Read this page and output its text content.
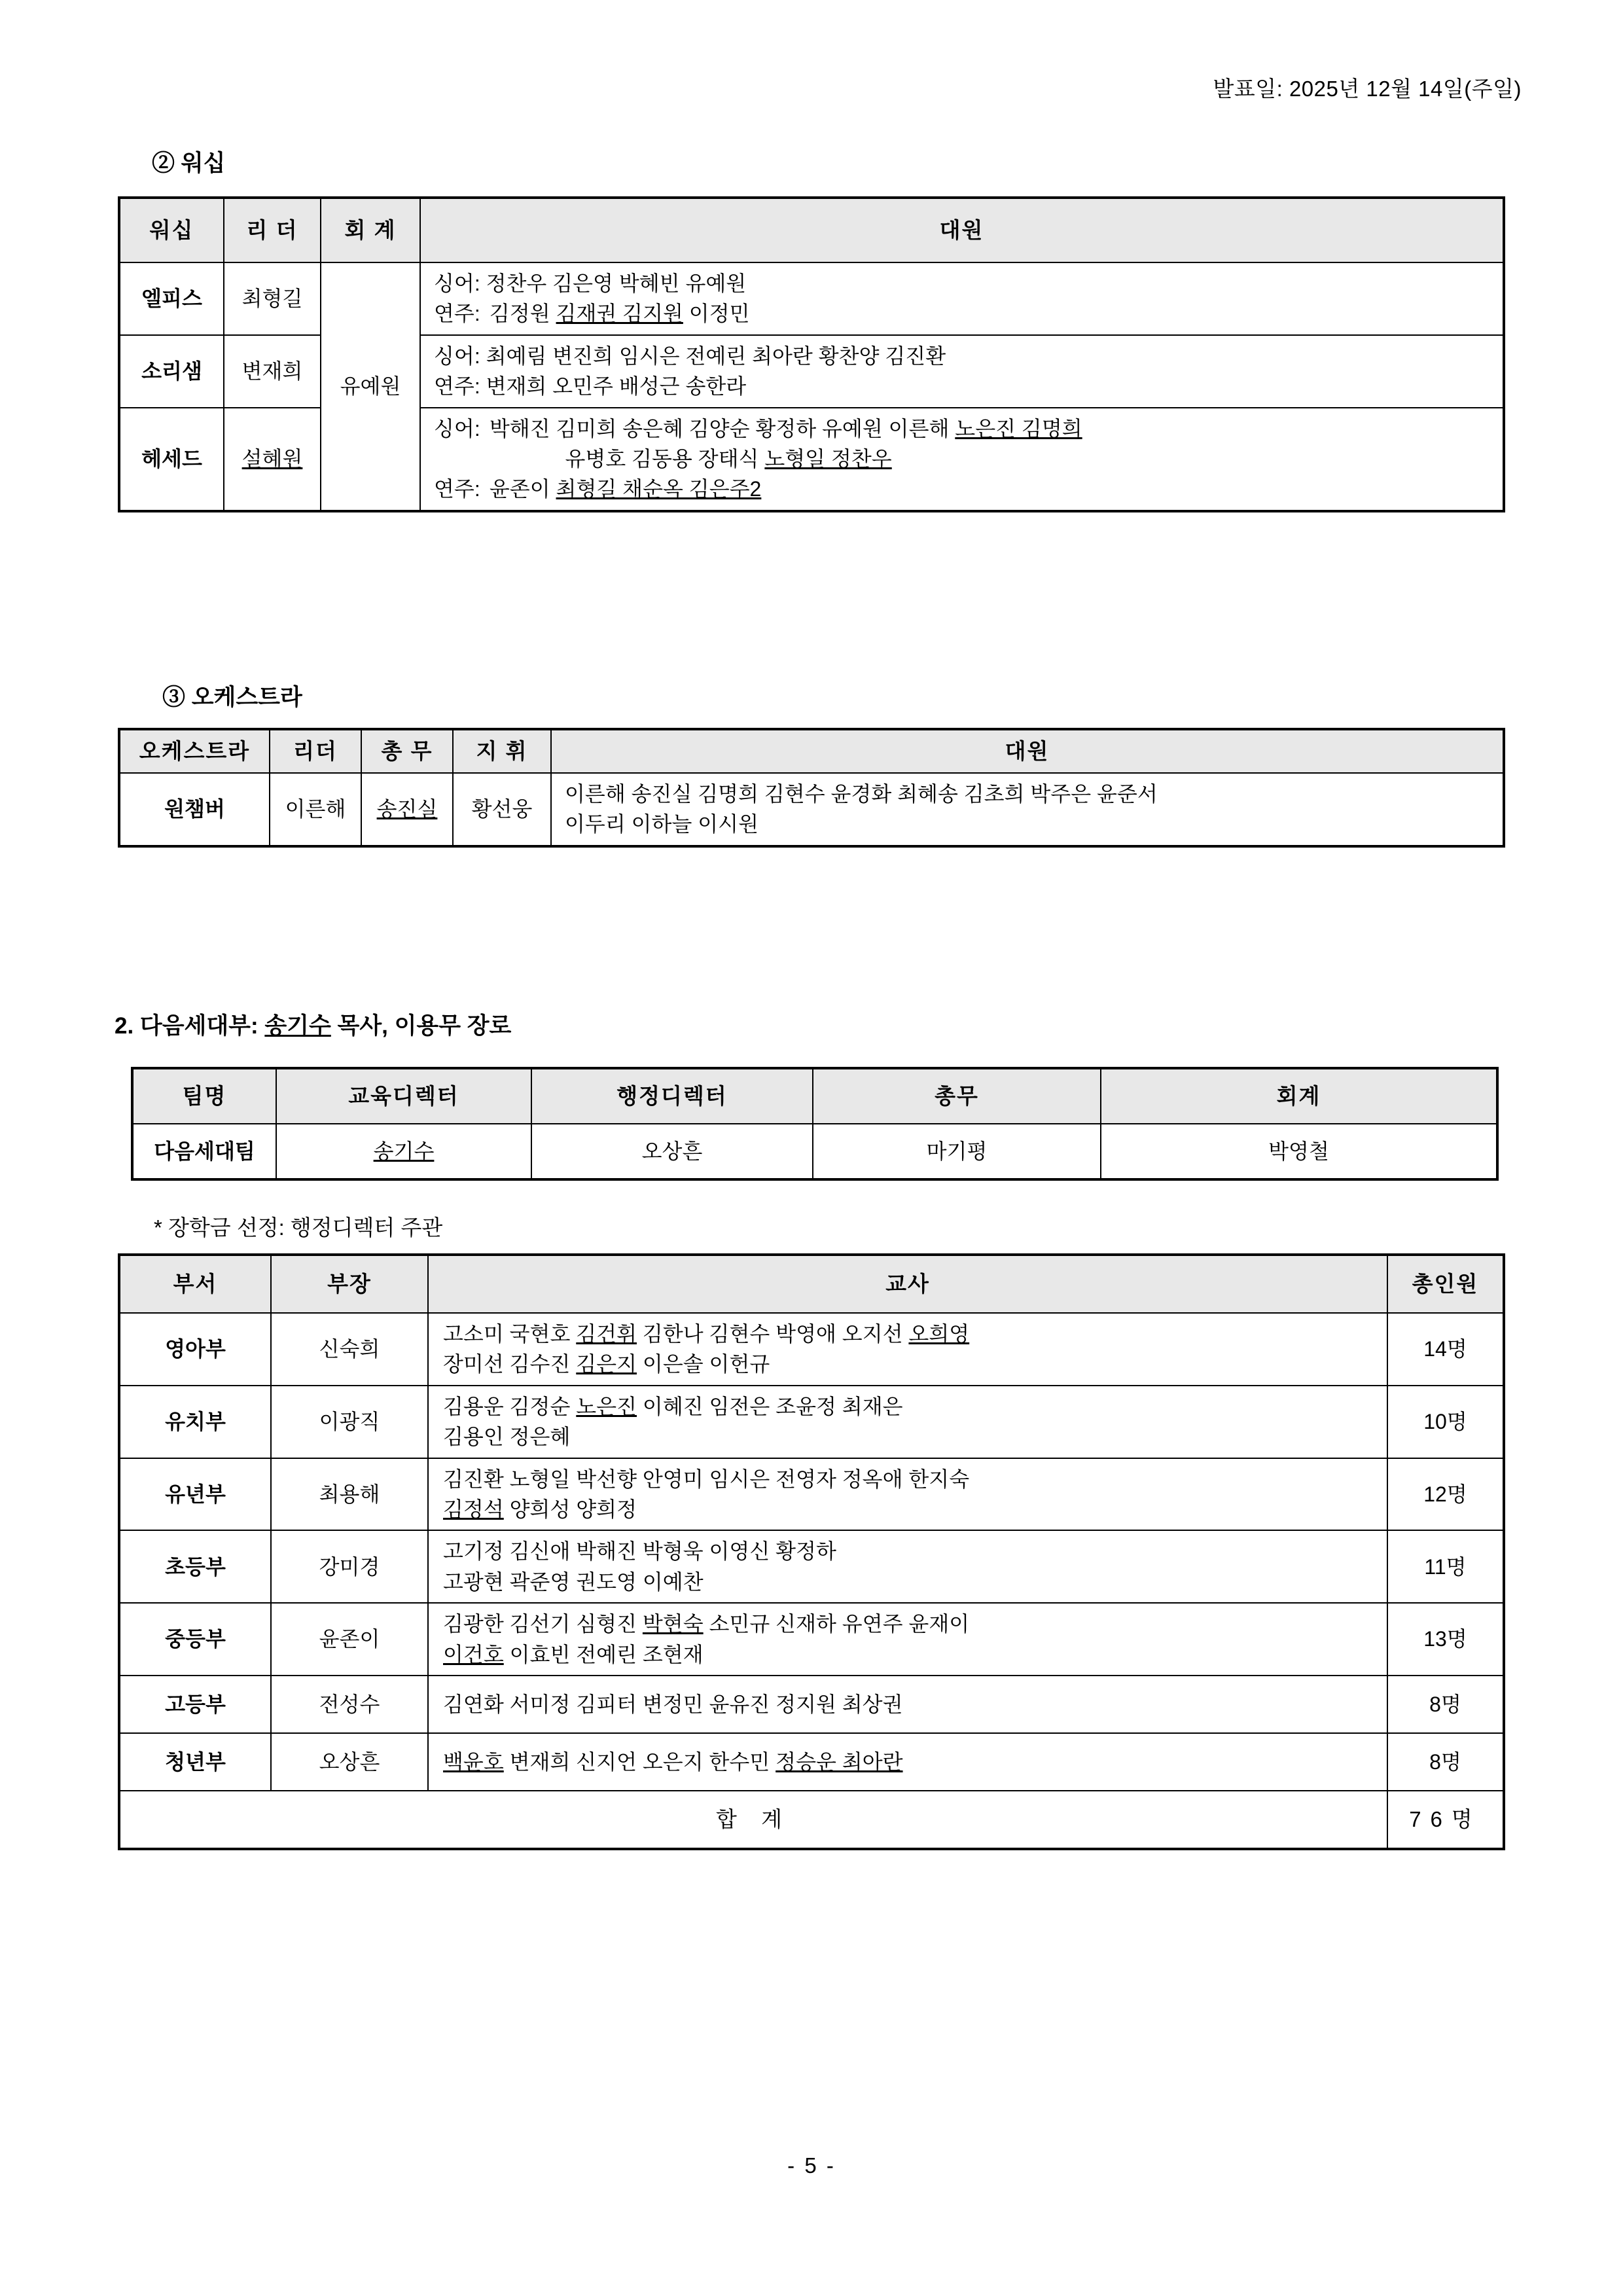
발표일: 2025년 12월 14일(주일)
② 워십
워십	리 더	회 계	대원
엘피스	최형길	유예원	싱어: 정찬우 김은영 박혜빈 유예원
연주: 김정원 김재권 김지원 이정민

소리샘	변재희		싱어: 최예림 변진희 임시은 전예린 최아란 황찬양 김진환
연주: 변재희 오민주 배성근 송한라

헤세드	설혜원		싱어: 박해진 김미희 송은혜 김양순 황정하 유예원 이른해 노은진 김명희
유병호 김동용 장태식 노형일 정찬우
연주: 윤존이 최형길 채순옥 김은주2
③ 오케스트라
오케스트라	리더	총 무	지 휘	대원
원챔버	이른해	송진실	황선웅	이른해 송진실 김명희 김현수 윤경화 최혜송 김초희 박주은 윤준서
이두리 이하늘 이시원
2. 다음세대부: 송기수 목사, 이용무 장로
팀명	교육디렉터	행정디렉터	총무	회계
다음세대팀	송기수	오상흔	마기평	박영철
* 장학금 선정: 행정디렉터 주관
부서	부장	교사	총인원
영아부	신숙희	고소미 국현호 김건휘 김한나 김현수 박영애 오지선 오희영
장미선 김수진 김은지 이은솔 이헌규	14명
유치부	이광직	김용운 김정순 노은진 이혜진 임전은 조윤정 최재은
김용인 정은혜	10명
유년부	최용해	김진환 노형일 박선향 안영미 임시은 전영자 정옥애 한지숙
김정석 양희성 양희정	12명
초등부	강미경	고기정 김신애 박해진 박형욱 이영신 황정하
고광현 곽준영 권도영 이예찬	11명
중등부	윤존이	김광한 김선기 심형진 박현숙 소민규 신재하 유연주 윤재이
이건호 이효빈 전예린 조현재	13명
고등부	전성수	김연화 서미정 김피터 변정민 윤유진 정지원 최상권	8명
청년부	오상흔	백윤호 변재희 신지언 오은지 한수민 정승운 최아란	8명
합 계			76명
- 5 -
